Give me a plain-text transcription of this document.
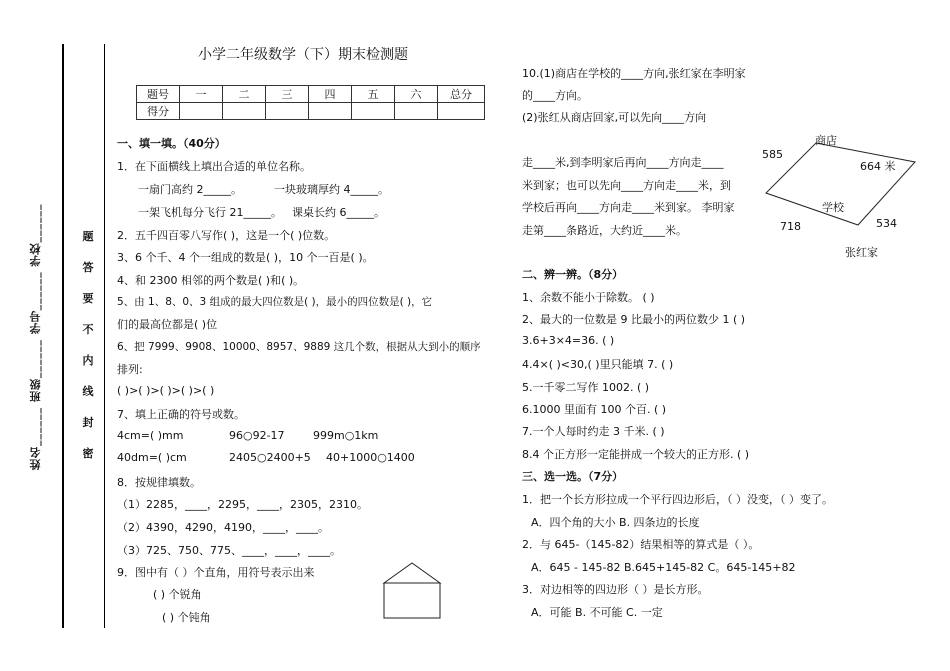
姓名______ 班级______ 学号______ 学校______	题
答
要
不
内
线
封
密
小学二年级数学（下）期末检测题
题号	一	二	三	四	五	六	总分
得分							
一、填一填。（40分）
1．在下面横线上填出合适的单位名称。
一扇门高约 2_____。	一块玻璃厚约 4_____。
一架飞机每分飞行 21_____。 课桌长约 6_____。
2．五千四百零八写作( )，这是一个( )位数。
3、6 个千、4 个一组成的数是( )，10 个一百是( )。
4、和 2300 相邻的两个数是( )和( )。
5、由 1、8、0、3 组成的最大四位数是( )，最小的四位数是( )，它
们的最高位都是( )位
6、把 7999、9908、10000、8957、9889 这几个数，根据从大到小的顺序
排列:
( )>( )>( )>( )>( )
7、填上正确的符号或数。
4cm=( )mm	96○92-17	999m○1km
40dm=( )cm	2405○2400+5 40+1000○1400
8．按规律填数。
（1）2285，____，2295，____，2305，2310。
（2）4390，4290，4190，____，____。
（3）725、750、775、____，____，____。
9．图中有（ ）个直角，用符号表示出来
( ) 个锐角
( ) 个钝角
10.(1)商店在学校的____方向,张红家在李明家
的____方向。
(2)张红从商店回家,可以先向____方向
走____米,到李明家后再向____方向走____
米到家；也可以先向____方向走____米，到
学校后再向____方向走____米到家。 李明家
走第____条路近，大约近____米。
商店
585
664 米
学校
718	534
张红家
二、辨一辨。（8分）
1、余数不能小于除数。 ( )
2、最大的一位数是 9 比最小的两位数少 1 ( )
3.6+3×4=36. ( )
4.4×( )<30,( )里只能填 7. ( )
5.一千零二写作 1002. ( )
6.1000 里面有 100 个百. ( )
7.一个人每时约走 3 千米. ( )
8.4 个正方形一定能拼成一个较大的正方形. ( )
三、选一选。（7分）
1．把一个长方形拉成一个平行四边形后，（ ）没变，（ ）变了。
A．四个角的大小 B. 四条边的长度
2．与 645-（145-82）结果相等的算式是（ ）。
A．645 - 145-82 B.645+145-82 C。645-145+82
3．对边相等的四边形（ ）是长方形。
A．可能 B. 不可能 C. 一定
